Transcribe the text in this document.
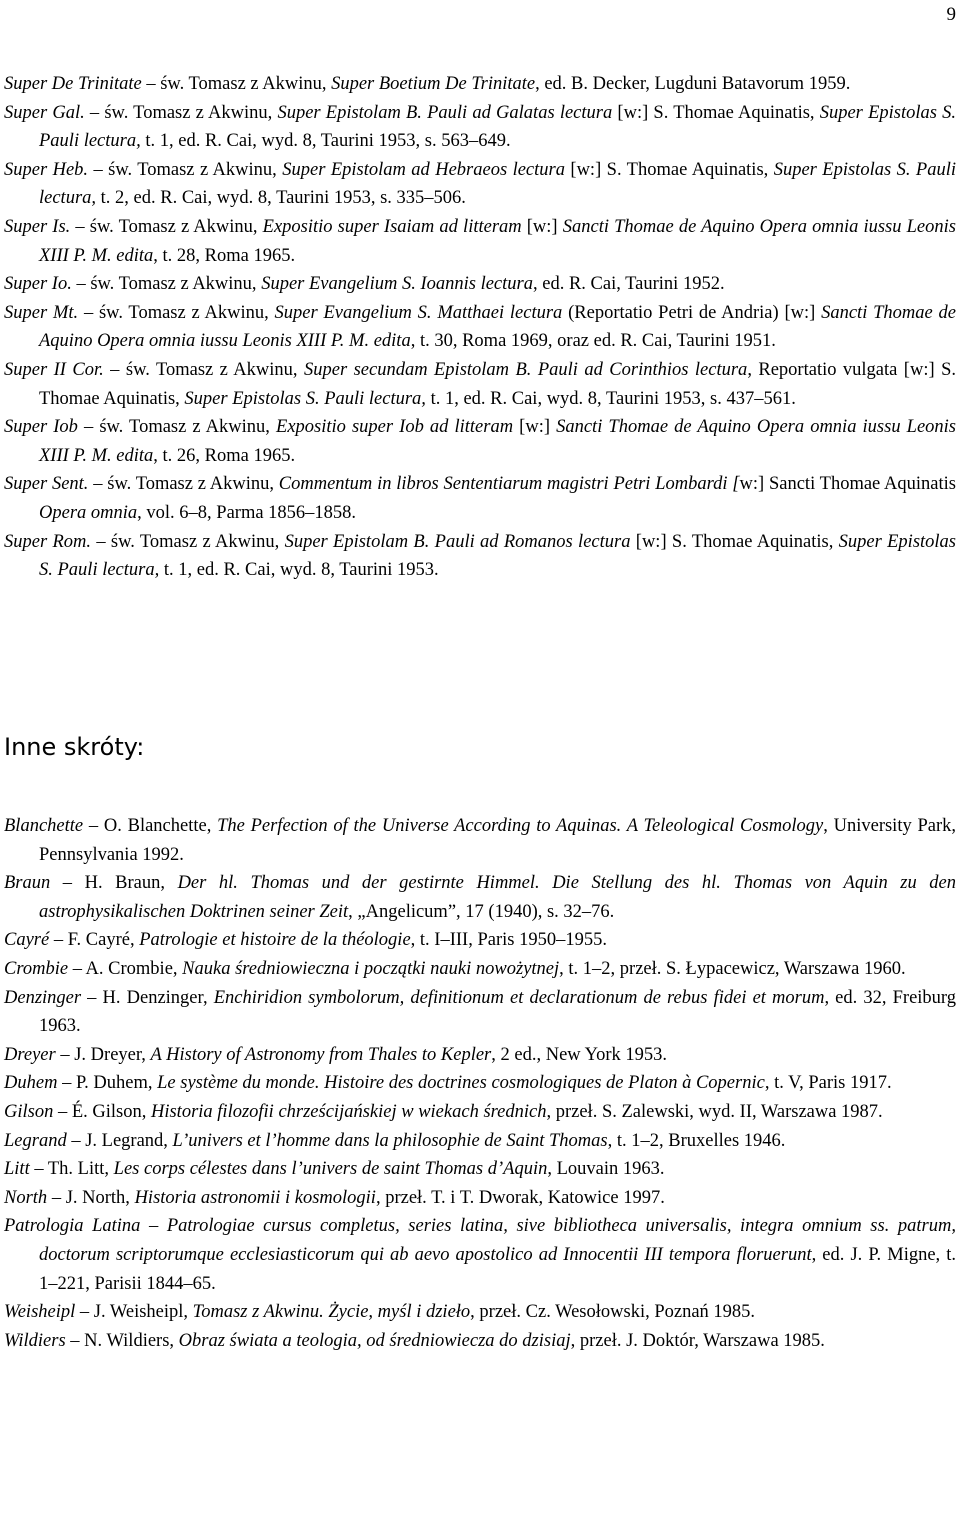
9

Super De Trinitate – św. Tomasz z Akwinu, Super Boetium De Trinitate, ed. B. Decker, Lugduni Batavorum 1959.

Super Gal. – św. Tomasz z Akwinu, Super Epistolam B. Pauli ad Galatas lectura [w:] S. Thomae Aquinatis, Super Epistolas S. Pauli lectura, t. 1, ed. R. Cai, wyd. 8, Taurini 1953, s. 563–649.

Super Heb. – św. Tomasz z Akwinu, Super Epistolam ad Hebraeos lectura [w:] S. Thomae Aquinatis, Super Epistolas S. Pauli lectura, t. 2, ed. R. Cai, wyd. 8, Taurini 1953, s. 335–506.

Super Is. – św. Tomasz z Akwinu, Expositio super Isaiam ad litteram [w:] Sancti Thomae de Aquino Opera omnia iussu Leonis XIII P. M. edita, t. 28, Roma 1965.

Super Io. – św. Tomasz z Akwinu, Super Evangelium S. Ioannis lectura, ed. R. Cai, Taurini 1952.

Super Mt. – św. Tomasz z Akwinu, Super Evangelium S. Matthaei lectura (Reportatio Petri de Andria) [w:] Sancti Thomae de Aquino Opera omnia iussu Leonis XIII P. M. edita, t. 30, Roma 1969, oraz ed. R. Cai, Taurini 1951.

Super II Cor. – św. Tomasz z Akwinu, Super secundam Epistolam B. Pauli ad Corinthios lectura, Reportatio vulgata [w:] S. Thomae Aquinatis, Super Epistolas S. Pauli lectura, t. 1, ed. R. Cai, wyd. 8, Taurini 1953, s. 437–561.

Super Iob – św. Tomasz z Akwinu, Expositio super Iob ad litteram [w:] Sancti Thomae de Aquino Opera omnia iussu Leonis XIII P. M. edita, t. 26, Roma 1965.

Super Sent. – św. Tomasz z Akwinu, Commentum in libros Sententiarum magistri Petri Lombardi [w:] Sancti Thomae Aquinatis Opera omnia, vol. 6–8, Parma 1856–1858.

Super Rom. – św. Tomasz z Akwinu, Super Epistolam B. Pauli ad Romanos lectura [w:] S. Thomae Aquinatis, Super Epistolas S. Pauli lectura, t. 1, ed. R. Cai, wyd. 8, Taurini 1953.

Inne skróty:

Blanchette – O. Blanchette, The Perfection of the Universe According to Aquinas. A Teleological Cosmology, University Park, Pennsylvania 1992.

Braun – H. Braun, Der hl. Thomas und der gestirnte Himmel. Die Stellung des hl. Thomas von Aquin zu den astrophysikalischen Doktrinen seiner Zeit, „Angelicum”, 17 (1940), s. 32–76.

Cayré – F. Cayré, Patrologie et histoire de la théologie, t. I–III, Paris 1950–1955.

Crombie – A. Crombie, Nauka średniowieczna i początki nauki nowożytnej, t. 1–2, przeł. S. Łypacewicz, Warszawa 1960.

Denzinger – H. Denzinger, Enchiridion symbolorum, definitionum et declarationum de rebus fidei et morum, ed. 32, Freiburg 1963.

Dreyer – J. Dreyer, A History of Astronomy from Thales to Kepler, 2 ed., New York 1953.

Duhem – P. Duhem, Le système du monde. Histoire des doctrines cosmologiques de Platon à Copernic, t. V, Paris 1917.

Gilson – É. Gilson, Historia filozofii chrześcijańskiej w wiekach średnich, przeł. S. Zalewski, wyd. II, Warszawa 1987.

Legrand – J. Legrand, L’univers et l’homme dans la philosophie de Saint Thomas, t. 1–2, Bruxelles 1946.

Litt – Th. Litt, Les corps célestes dans l’univers de saint Thomas d’Aquin, Louvain 1963.

North – J. North, Historia astronomii i kosmologii, przeł. T. i T. Dworak, Katowice 1997.

Patrologia Latina – Patrologiae cursus completus, series latina, sive bibliotheca universalis, integra omnium ss. patrum, doctorum scriptorumque ecclesiasticorum qui ab aevo apostolico ad Innocentii III tempora floruerunt, ed. J. P. Migne, t. 1–221, Parisii 1844–65.

Weisheipl – J. Weisheipl, Tomasz z Akwinu. Życie, myśl i dzieło, przeł. Cz. Wesołowski, Poznań 1985.

Wildiers – N. Wildiers, Obraz świata a teologia, od średniowiecza do dzisiaj, przeł. J. Doktór, Warszawa 1985.
